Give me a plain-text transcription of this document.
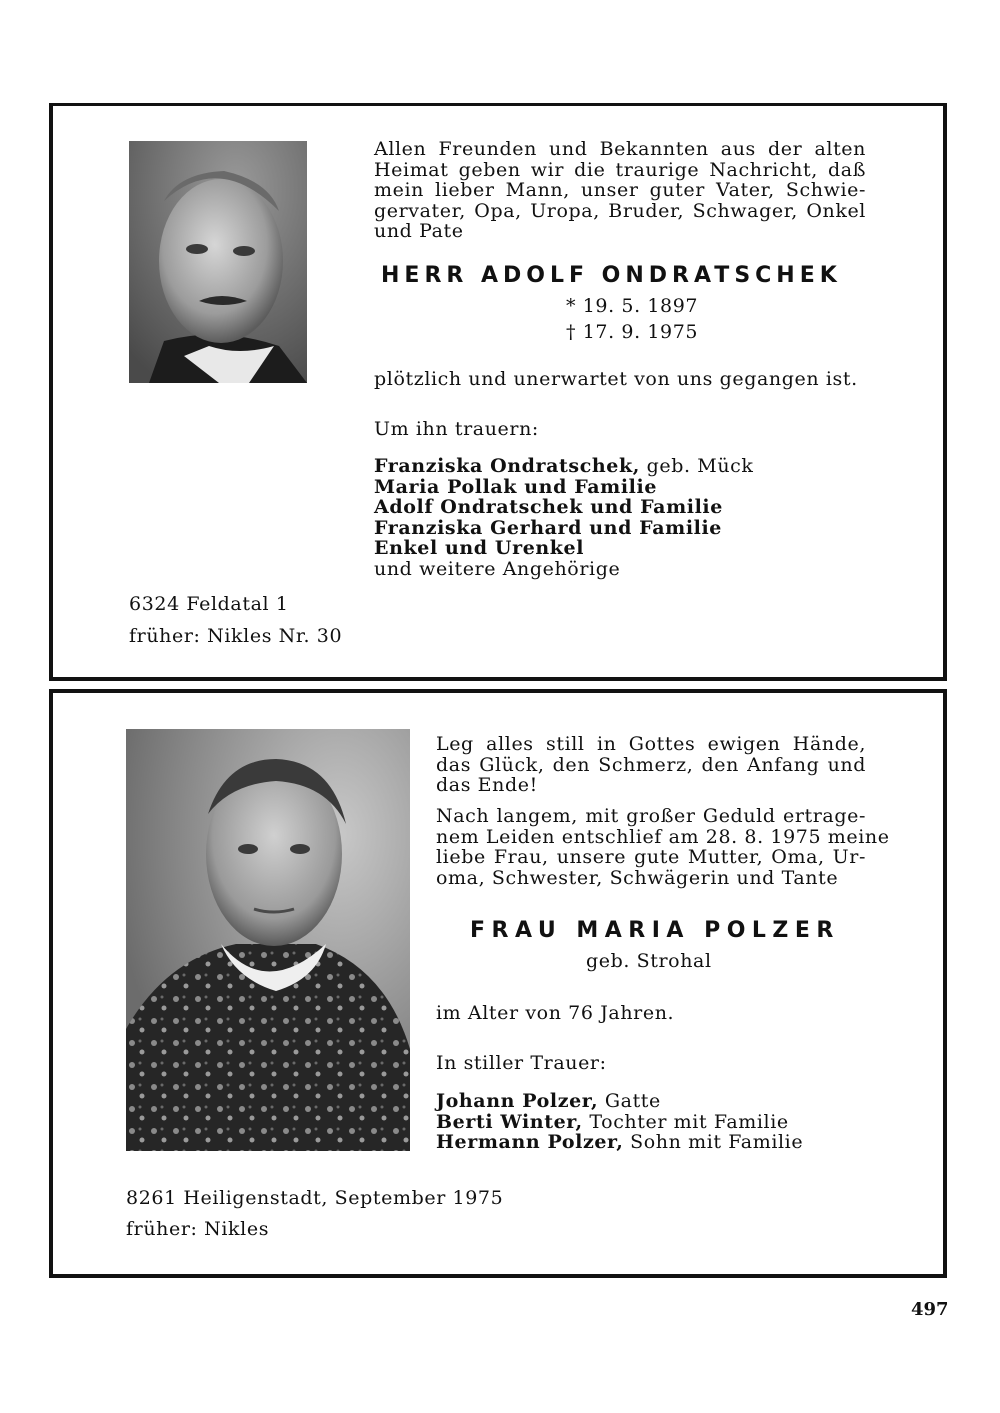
Allen Freunden und Bekannten aus der alten
Heimat geben wir die traurige Nachricht, daß
mein lieber Mann, unser guter Vater, Schwie-
gervater, Opa, Uropa, Bruder, Schwager, Onkel
und Pate
HERR ADOLF ONDRATSCHEK
* 19. 5. 1897
† 17. 9. 1975
plötzlich und unerwartet von uns gegangen ist.
Um ihn trauern:
Franziska Ondratschek, geb. Mück
Maria Pollak und Familie
Adolf Ondratschek und Familie
Franziska Gerhard und Familie
Enkel und Urenkel
und weitere Angehörige
6324 Feldatal 1
früher: Nikles Nr. 30
Leg alles still in Gottes ewigen Hände,
das Glück, den Schmerz, den Anfang und
das Ende!
Nach langem, mit großer Geduld ertrage-
nem Leiden entschlief am 28. 8. 1975 meine
liebe Frau, unsere gute Mutter, Oma, Ur-
oma, Schwester, Schwägerin und Tante
FRAU MARIA POLZER
geb. Strohal
im Alter von 76 Jahren.
In stiller Trauer:
Johann Polzer, Gatte
Berti Winter, Tochter mit Familie
Hermann Polzer, Sohn mit Familie
8261 Heiligenstadt, September 1975
früher: Nikles
497
